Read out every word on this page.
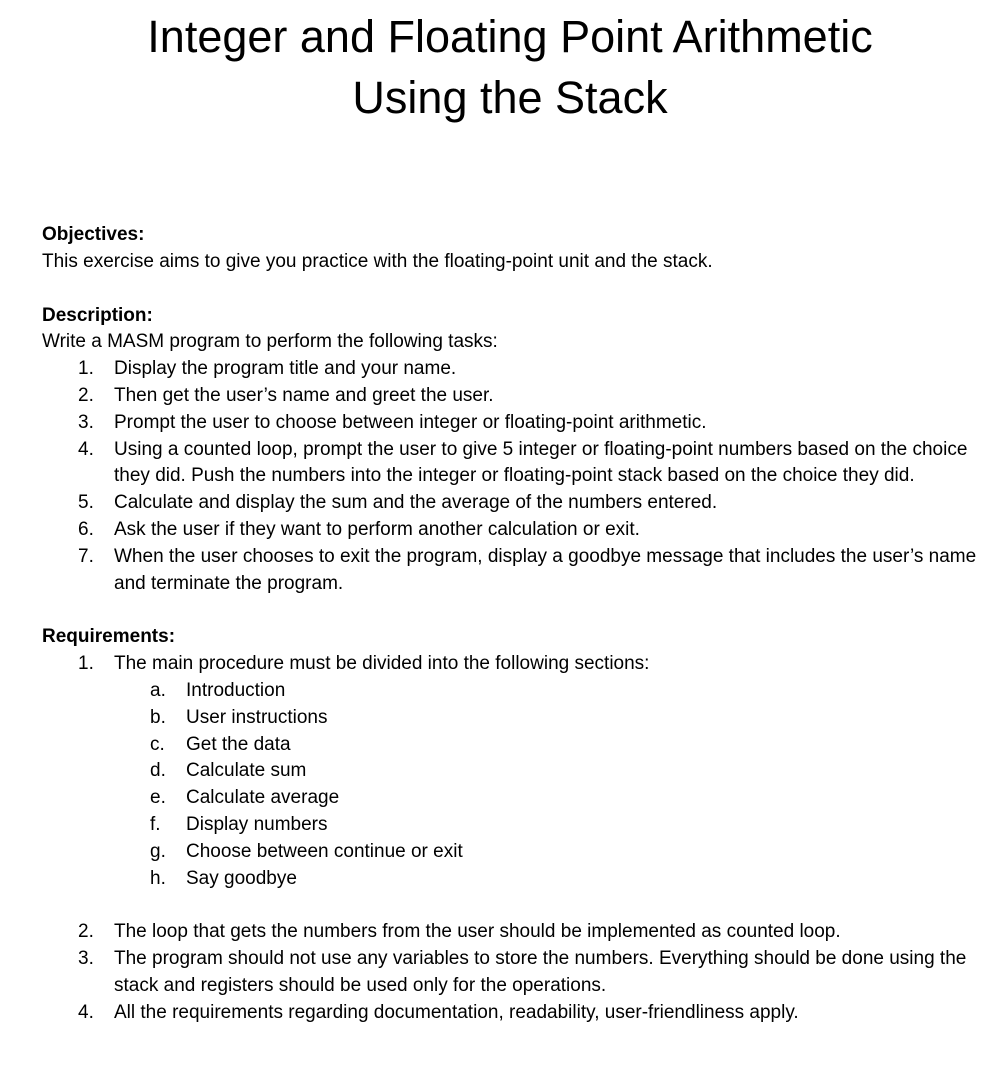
Integer and Floating Point Arithmetic
Using the Stack

Objectives:

This exercise aims to give you practice with the floating-point unit and the stack.

Description:

Write a MASM program to perform the following tasks:

1. Display the program title and your name.
2. Then get the user’s name and greet the user.
3. Prompt the user to choose between integer or floating-point arithmetic.
4. Using a counted loop, prompt the user to give 5 integer or floating-point numbers based on the choice they did. Push the numbers into the integer or floating-point stack based on the choice they did.
5. Calculate and display the sum and the average of the numbers entered.
6. Ask the user if they want to perform another calculation or exit.
7. When the user chooses to exit the program, display a goodbye message that includes the user’s name and terminate the program.

Requirements:

1. The main procedure must be divided into the following sections:
a. Introduction
b. User instructions
c. Get the data
d. Calculate sum
e. Calculate average
f. Display numbers
g. Choose between continue or exit
h. Say goodbye
2. The loop that gets the numbers from the user should be implemented as counted loop.
3. The program should not use any variables to store the numbers. Everything should be done using the stack and registers should be used only for the operations.
4. All the requirements regarding documentation, readability, user-friendliness apply.
